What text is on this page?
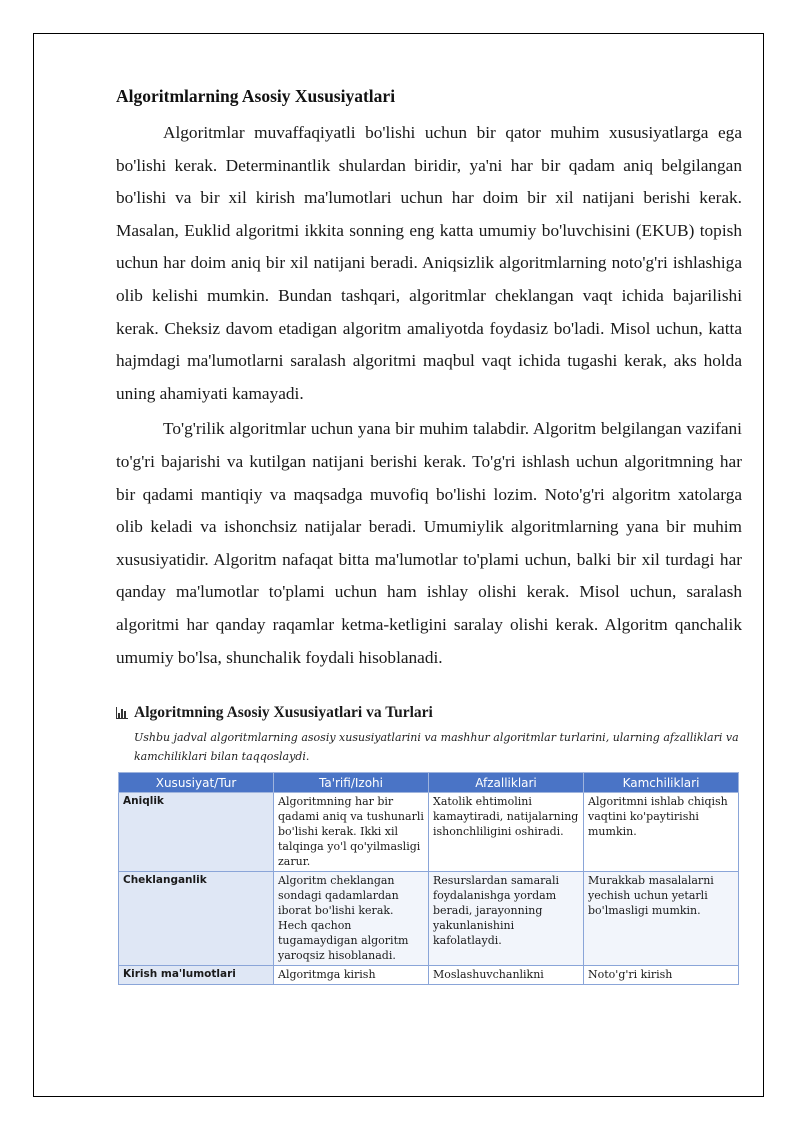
Algoritmlarning Asosiy Xususiyatlari

Algoritmlar muvaffaqiyatli bo'lishi uchun bir qator muhim xususiyatlarga ega bo'lishi kerak. Determinantlik shulardan biridir, ya'ni har bir qadam aniq belgilangan bo'lishi va bir xil kirish ma'lumotlari uchun har doim bir xil natijani berishi kerak. Masalan, Euklid algoritmi ikkita sonning eng katta umumiy bo'luvchisini (EKUB) topish uchun har doim aniq bir xil natijani beradi. Aniqsizlik algoritmlarning noto'g'ri ishlashiga olib kelishi mumkin. Bundan tashqari, algoritmlar cheklangan vaqt ichida bajarilishi kerak. Cheksiz davom etadigan algoritm amaliyotda foydasiz bo'ladi. Misol uchun, katta hajmdagi ma'lumotlarni saralash algoritmi maqbul vaqt ichida tugashi kerak, aks holda uning ahamiyati kamayadi.

To'g'rilik algoritmlar uchun yana bir muhim talabdir. Algoritm belgilangan vazifani to'g'ri bajarishi va kutilgan natijani berishi kerak. To'g'ri ishlash uchun algoritmning har bir qadami mantiqiy va maqsadga muvofiq bo'lishi lozim. Noto'g'ri algoritm xatolarga olib keladi va ishonchsiz natijalar beradi. Umumiylik algoritmlarning yana bir muhim xususiyatidir. Algoritm nafaqat bitta ma'lumotlar to'plami uchun, balki bir xil turdagi har qanday ma'lumotlar to'plami uchun ham ishlay olishi kerak. Misol uchun, saralash algoritmi har qanday raqamlar ketma-ketligini saralay olishi kerak. Algoritm qanchalik umumiy bo'lsa, shunchalik foydali hisoblanadi.

Algoritmning Asosiy Xususiyatlari va Turlari
Ushbu jadval algoritmlarning asosiy xususiyatlarini va mashhur algoritmlar turlarini, ularning afzalliklari va kamchiliklari bilan taqqoslaydi.
Xususiyat/Tur	Ta'rifi/Izohi	Afzalliklari	Kamchiliklari
Aniqlik	Algoritmning har bir qadami aniq va tushunarli bo'lishi kerak. Ikki xil talqinga yo'l qo'yilmasligi zarur.	Xatolik ehtimolini kamaytiradi, natijalarning ishonchliligini oshiradi.	Algoritmni ishlab chiqish vaqtini ko'paytirishi mumkin.
Cheklanganlik	Algoritm cheklangan sondagi qadamlardan iborat bo'lishi kerak. Hech qachon tugamaydigan algoritm yaroqsiz hisoblanadi.	Resurslardan samarali foydalanishga yordam beradi, jarayonning yakunlanishini kafolatlaydi.	Murakkab masalalarni yechish uchun yetarli bo'lmasligi mumkin.
Kirish ma'lumotlari	Algoritmga kirish	Moslashuvchanlikni	Noto'g'ri kirish
